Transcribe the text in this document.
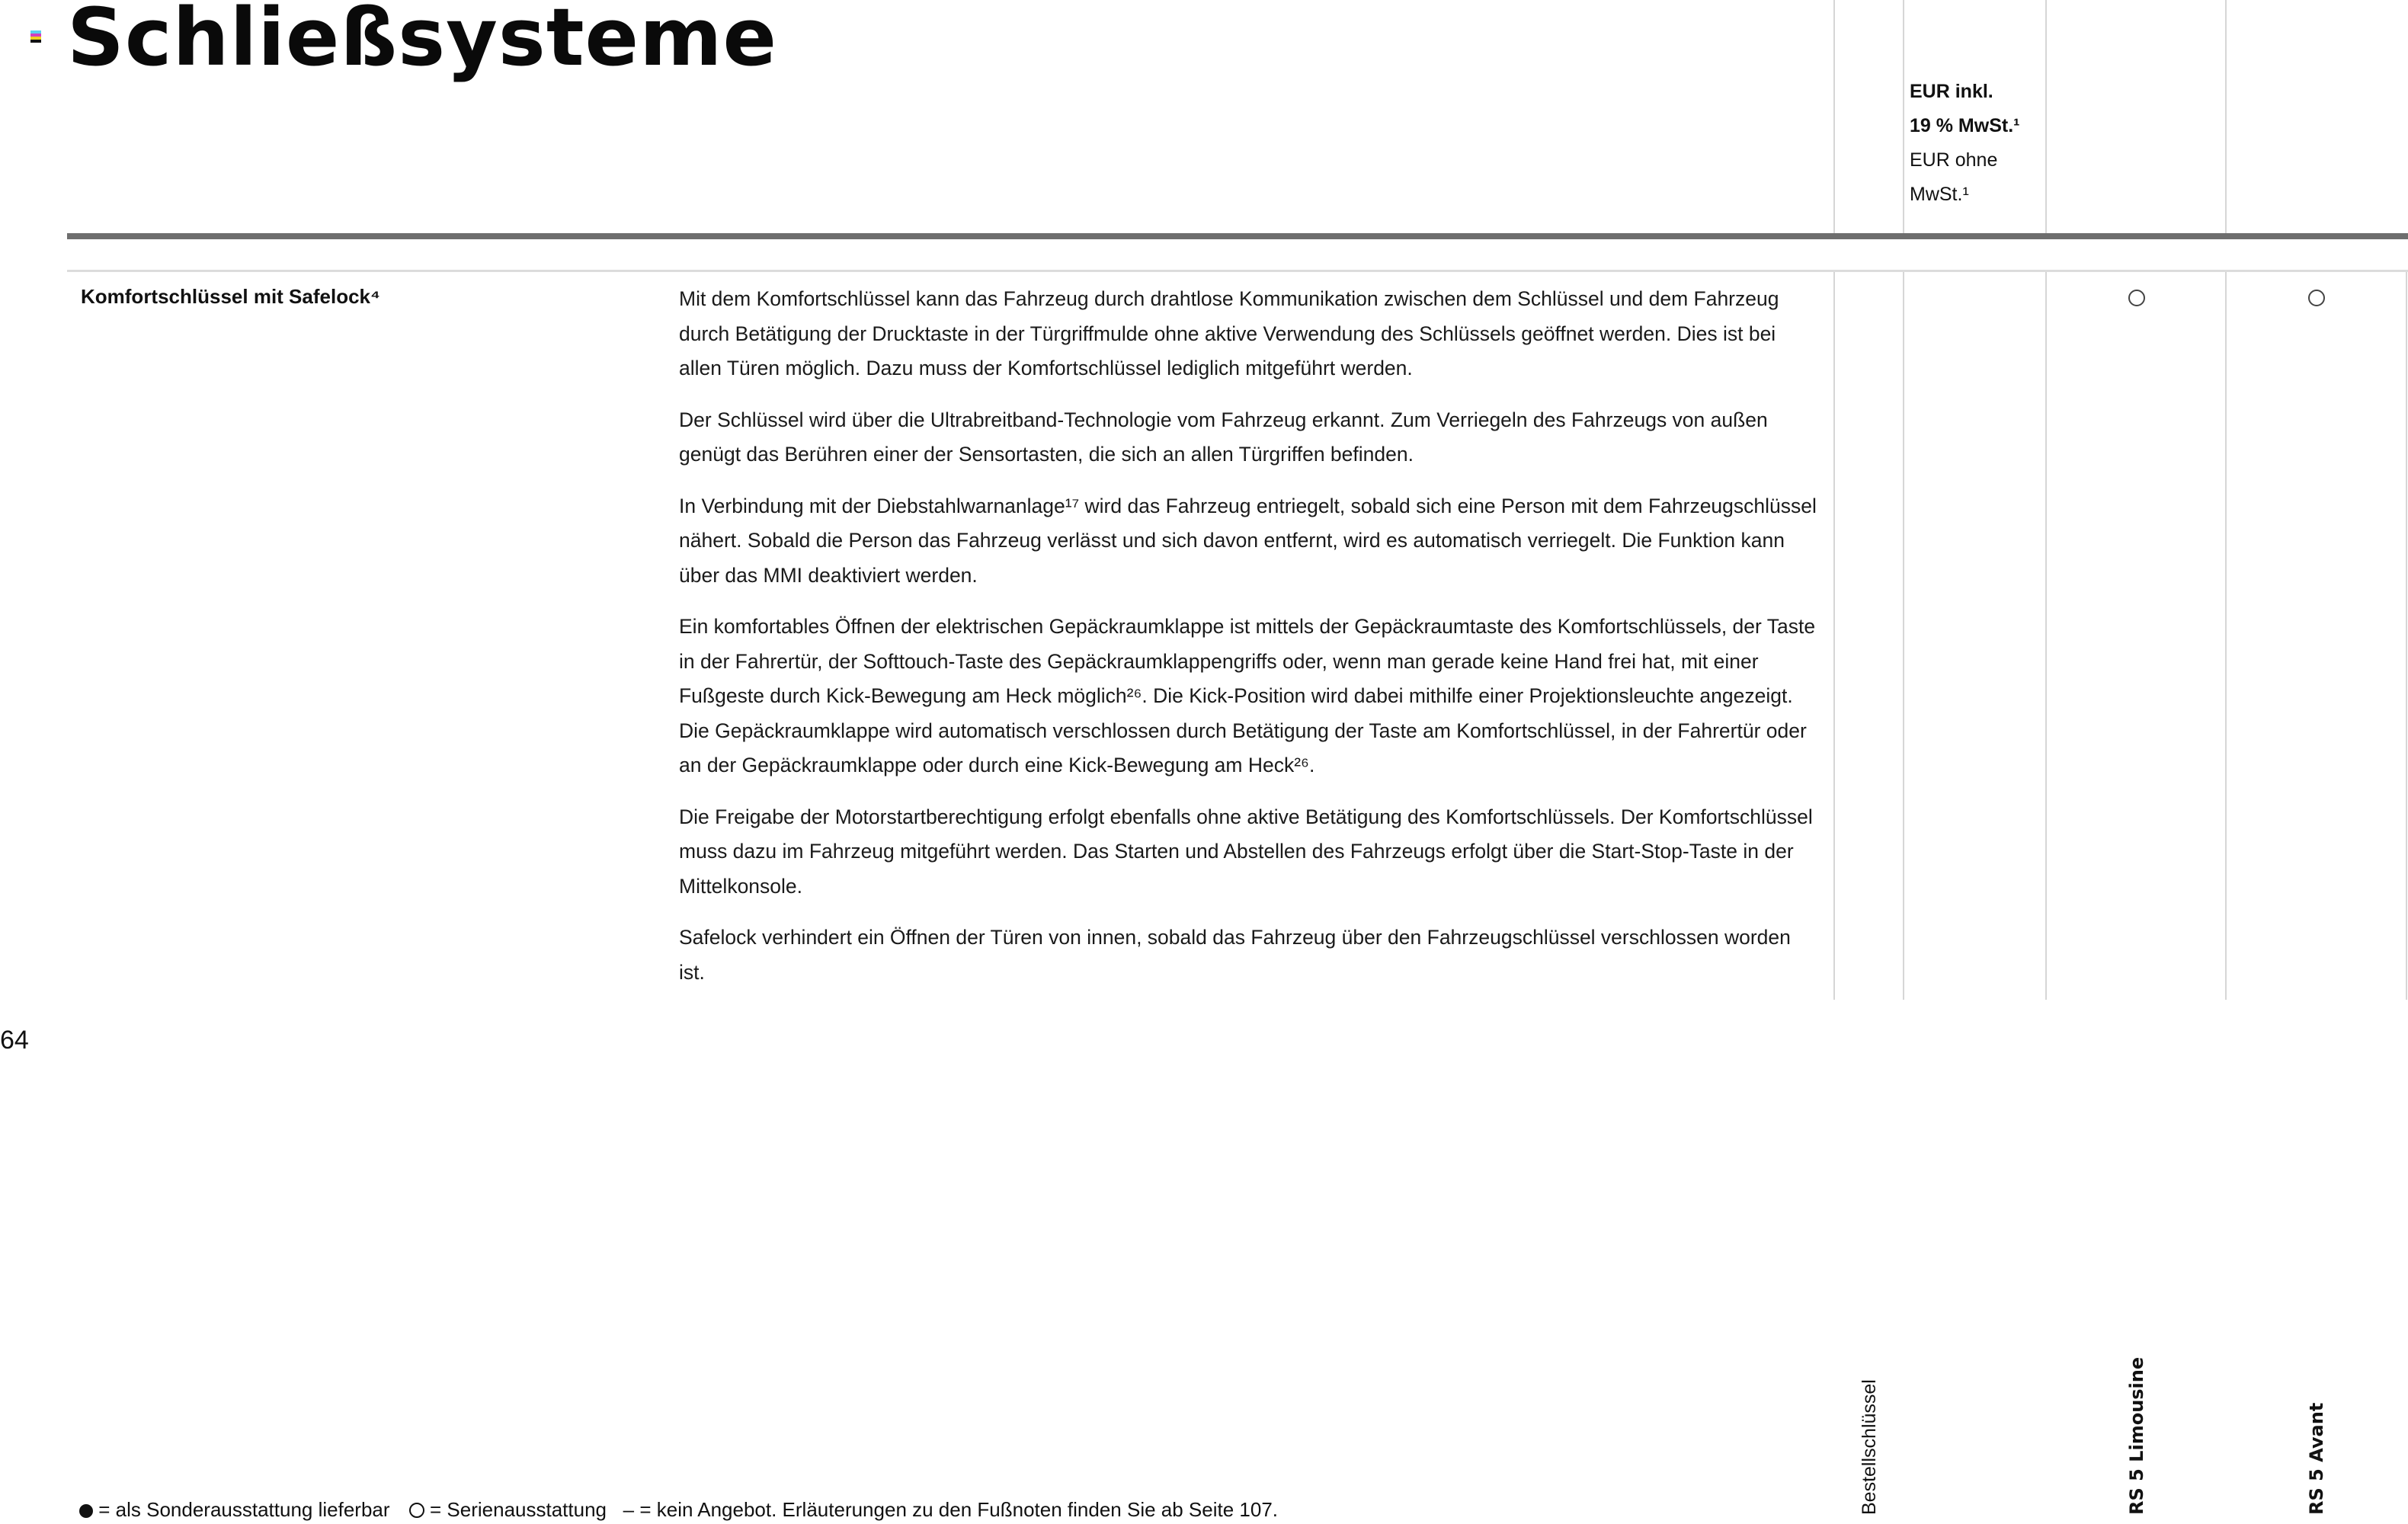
Schließsysteme
Bestellschlüssel
EUR inkl.
19 % MwSt.¹
EUR ohne
MwSt.¹
RS 5 Limousine	RS 5 Avant
Komfortschlüssel mit Safelock⁴	Mit dem Komfortschlüssel kann das Fahrzeug durch drahtlose Kommunikation zwischen dem Schlüssel und dem Fahrzeug durch Betätigung der Drucktaste in der Türgriffmulde ohne aktive Verwendung des Schlüssels geöffnet werden. Dies ist bei allen Türen möglich. Dazu muss der Komfortschlüssel lediglich mitgeführt werden.

Der Schlüssel wird über die Ultrabreitband-Technologie vom Fahrzeug erkannt. Zum Verriegeln des Fahrzeugs von außen genügt das Berühren einer der Sensortasten, die sich an allen Türgriffen befinden.

In Verbindung mit der Diebstahlwarnanlage¹⁷ wird das Fahrzeug entriegelt, sobald sich eine Person mit dem Fahrzeugschlüssel nähert. Sobald die Person das Fahrzeug verlässt und sich davon entfernt, wird es automatisch verriegelt. Die Funktion kann über das MMI deaktiviert werden.

Ein komfortables Öffnen der elektrischen Gepäckraumklappe ist mittels der Gepäckraumtaste des Komfortschlüssels, der Taste in der Fahrertür, der Softtouch-Taste des Gepäckraumklappengriffs oder, wenn man gerade keine Hand frei hat, mit einer Fußgeste durch Kick-Bewegung am Heck möglich²⁶. Die Kick-Position wird dabei mithilfe einer Projektionsleuchte angezeigt. Die Gepäckraumklappe wird automatisch verschlossen durch Betätigung der Taste am Komfortschlüssel, in der Fahrertür oder an der Gepäckraumklappe oder durch eine Kick-Bewegung am Heck²⁶.

Die Freigabe der Motorstartberechtigung erfolgt ebenfalls ohne aktive Betätigung des Komfortschlüssels. Der Komfortschlüssel muss dazu im Fahrzeug mitgeführt werden. Das Starten und Abstellen des Fahrzeugs erfolgt über die Start-Stop-Taste in der Mittelkonsole.

Safelock verhindert ein Öffnen der Türen von innen, sobald das Fahrzeug über den Fahrzeugschlüssel verschlossen worden ist.

64
= als Sonderausstattung lieferbar = Serienausstattung – = kein Angebot. Erläuterungen zu den Fußnoten finden Sie ab Seite 107.
